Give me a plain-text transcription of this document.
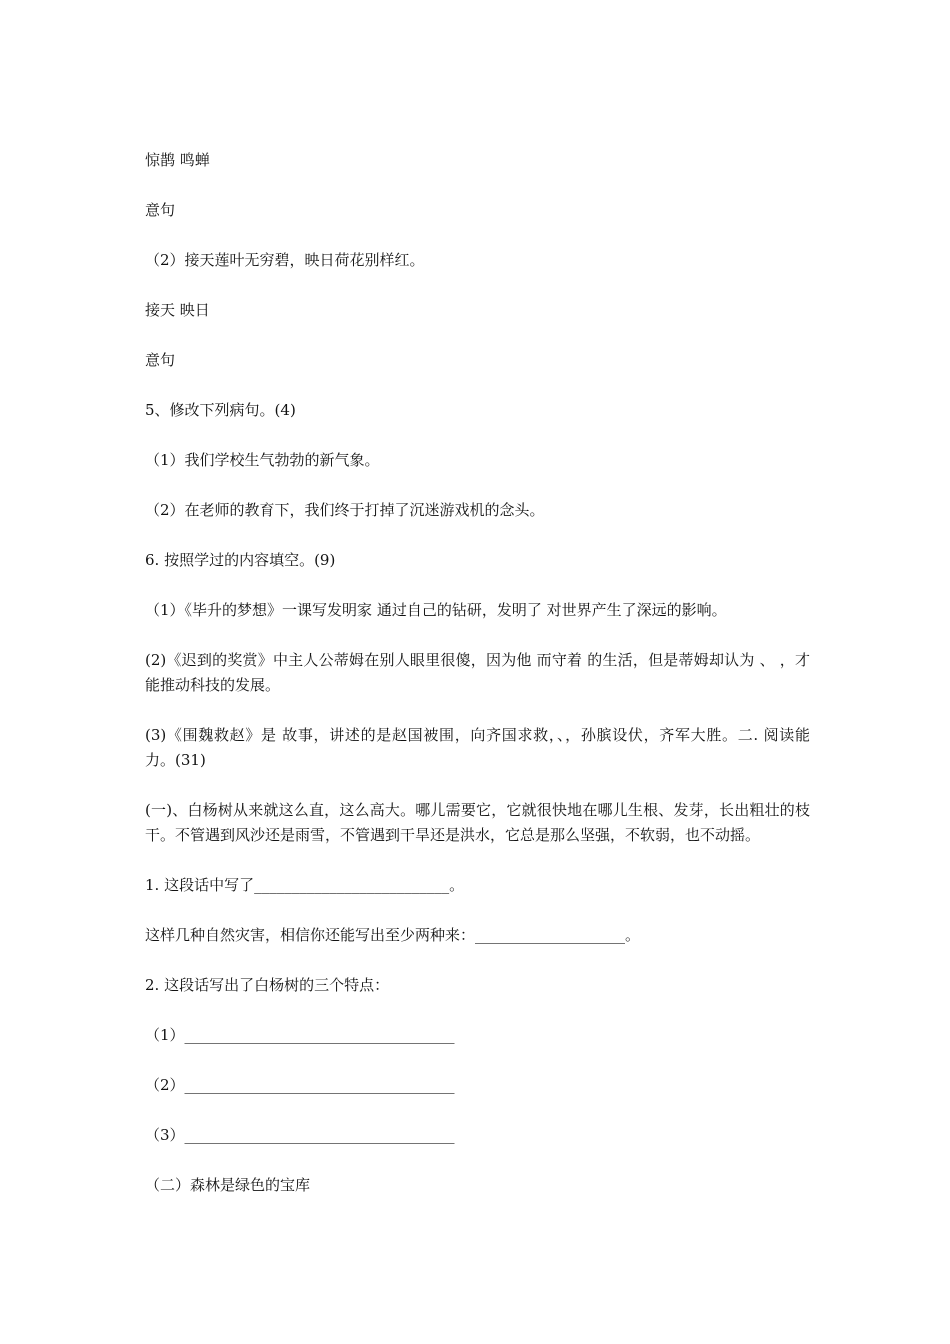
惊鹊 鸣蝉

意句

（2）接天莲叶无穷碧，映日荷花别样红。

接天 映日

意句

5、修改下列病句。(4)

（1）我们学校生气勃勃的新气象。

（2）在老师的教育下，我们终于打掉了沉迷游戏机的念头。

6. 按照学过的内容填空。(9)

（1）《毕升的梦想》一课写发明家 通过自己的钻研，发明了 对世界产生了深远的影响。

(2)《迟到的奖赏》中主人公蒂姆在别人眼里很傻，因为他 而守着 的生活，但是蒂姆却认为 、 ，才能推动科技的发展。

(3)《围魏救赵》是 故事，讲述的是赵国被围，向齐国求救，、，孙膑设伏，齐军大胜。二. 阅读能力。(31)

(一)、白杨树从来就这么直，这么高大。哪儿需要它，它就很快地在哪儿生根、发芽，长出粗壮的枝干。不管遇到风沙还是雨雪，不管遇到干旱还是洪水，它总是那么坚强，不软弱，也不动摇。

1. 这段话中写了__________________________。

这样几种自然灾害，相信你还能写出至少两种来：____________________。

2. 这段话写出了白杨树的三个特点：

（1）____________________________________

（2）____________________________________

（3）____________________________________

（二）森林是绿色的宝库
